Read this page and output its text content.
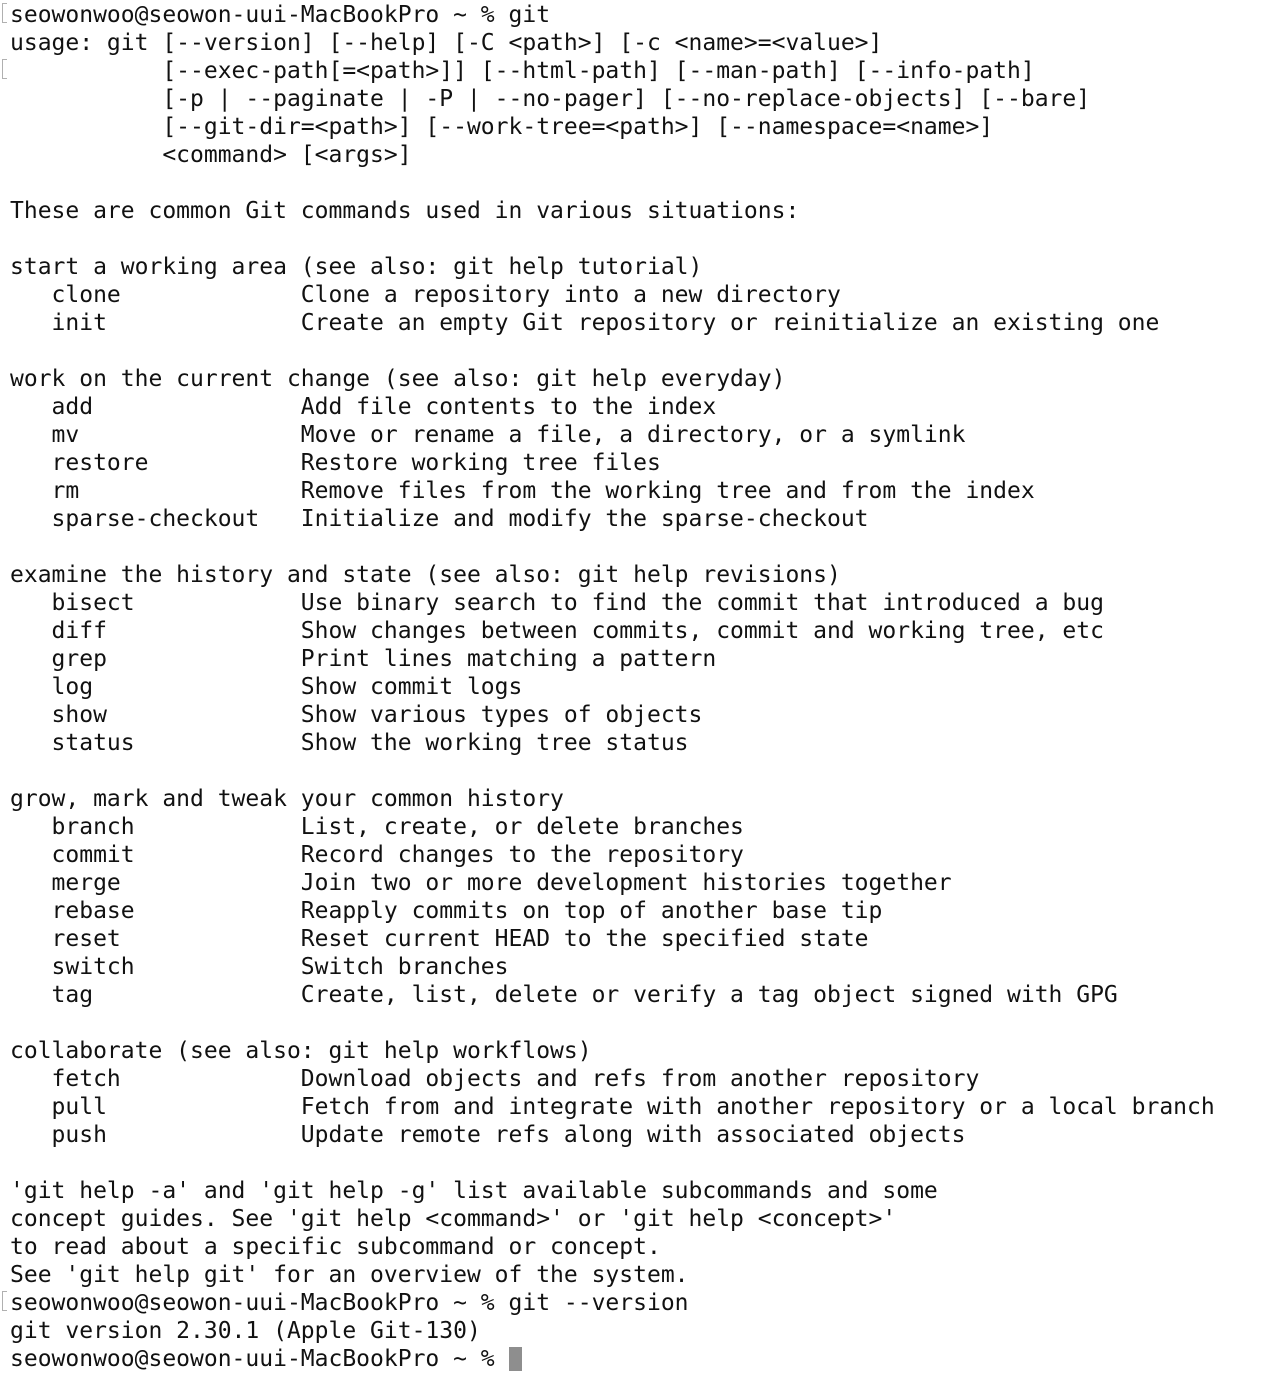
seowonwoo@seowon-uui-MacBookPro ~ % git
usage: git [--version] [--help] [-C <path>] [-c <name>=<value>]
[--exec-path[=<path>]] [--html-path] [--man-path] [--info-path]
[-p | --paginate | -P | --no-pager] [--no-replace-objects] [--bare]
[--git-dir=<path>] [--work-tree=<path>] [--namespace=<name>]
<command> [<args>]
These are common Git commands used in various situations:
start a working area (see also: git help tutorial)
clone             Clone a repository into a new directory
init              Create an empty Git repository or reinitialize an existing one
work on the current change (see also: git help everyday)
add               Add file contents to the index
mv                Move or rename a file, a directory, or a symlink
restore           Restore working tree files
rm                Remove files from the working tree and from the index
sparse-checkout   Initialize and modify the sparse-checkout
examine the history and state (see also: git help revisions)
bisect            Use binary search to find the commit that introduced a bug
diff              Show changes between commits, commit and working tree, etc
grep              Print lines matching a pattern
log               Show commit logs
show              Show various types of objects
status            Show the working tree status
grow, mark and tweak your common history
branch            List, create, or delete branches
commit            Record changes to the repository
merge             Join two or more development histories together
rebase            Reapply commits on top of another base tip
reset             Reset current HEAD to the specified state
switch            Switch branches
tag               Create, list, delete or verify a tag object signed with GPG
collaborate (see also: git help workflows)
fetch             Download objects and refs from another repository
pull              Fetch from and integrate with another repository or a local branch
push              Update remote refs along with associated objects
'git help -a' and 'git help -g' list available subcommands and some
concept guides. See 'git help <command>' or 'git help <concept>'
to read about a specific subcommand or concept.
See 'git help git' for an overview of the system.
seowonwoo@seowon-uui-MacBookPro ~ % git --version
git version 2.30.1 (Apple Git-130)
seowonwoo@seowon-uui-MacBookPro ~ %
